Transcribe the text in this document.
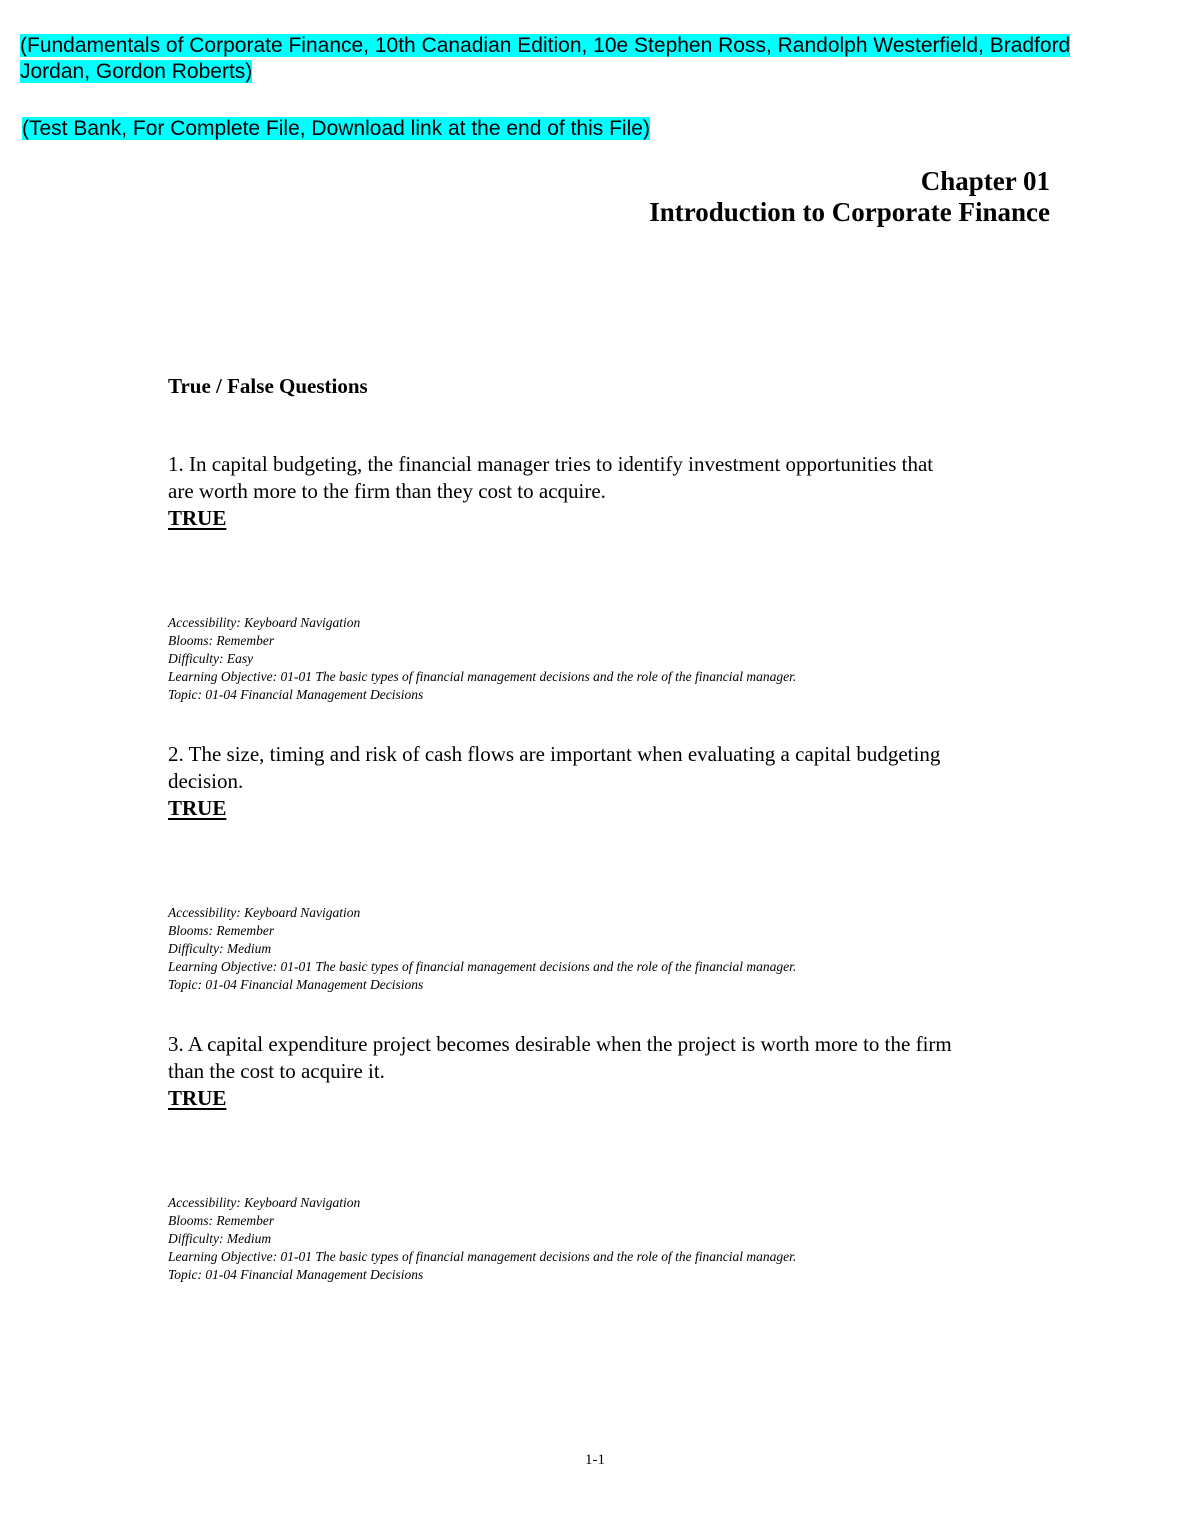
(Fundamentals of Corporate Finance, 10th Canadian Edition, 10e Stephen Ross, Randolph Westerfield, Bradford
Jordan, Gordon Roberts)
(Test Bank, For Complete File, Download link at the end of this File)
Chapter 01
Introduction to Corporate Finance
True / False Questions
1. In capital budgeting, the financial manager tries to identify investment opportunities that
are worth more to the firm than they cost to acquire.
TRUE
Accessibility: Keyboard Navigation
Blooms: Remember
Difficulty: Easy
Learning Objective: 01-01 The basic types of financial management decisions and the role of the financial manager.
Topic: 01-04 Financial Management Decisions
2. The size, timing and risk of cash flows are important when evaluating a capital budgeting
decision.
TRUE
Accessibility: Keyboard Navigation
Blooms: Remember
Difficulty: Medium
Learning Objective: 01-01 The basic types of financial management decisions and the role of the financial manager.
Topic: 01-04 Financial Management Decisions
3. A capital expenditure project becomes desirable when the project is worth more to the firm
than the cost to acquire it.
TRUE
Accessibility: Keyboard Navigation
Blooms: Remember
Difficulty: Medium
Learning Objective: 01-01 The basic types of financial management decisions and the role of the financial manager.
Topic: 01-04 Financial Management Decisions
1-1
